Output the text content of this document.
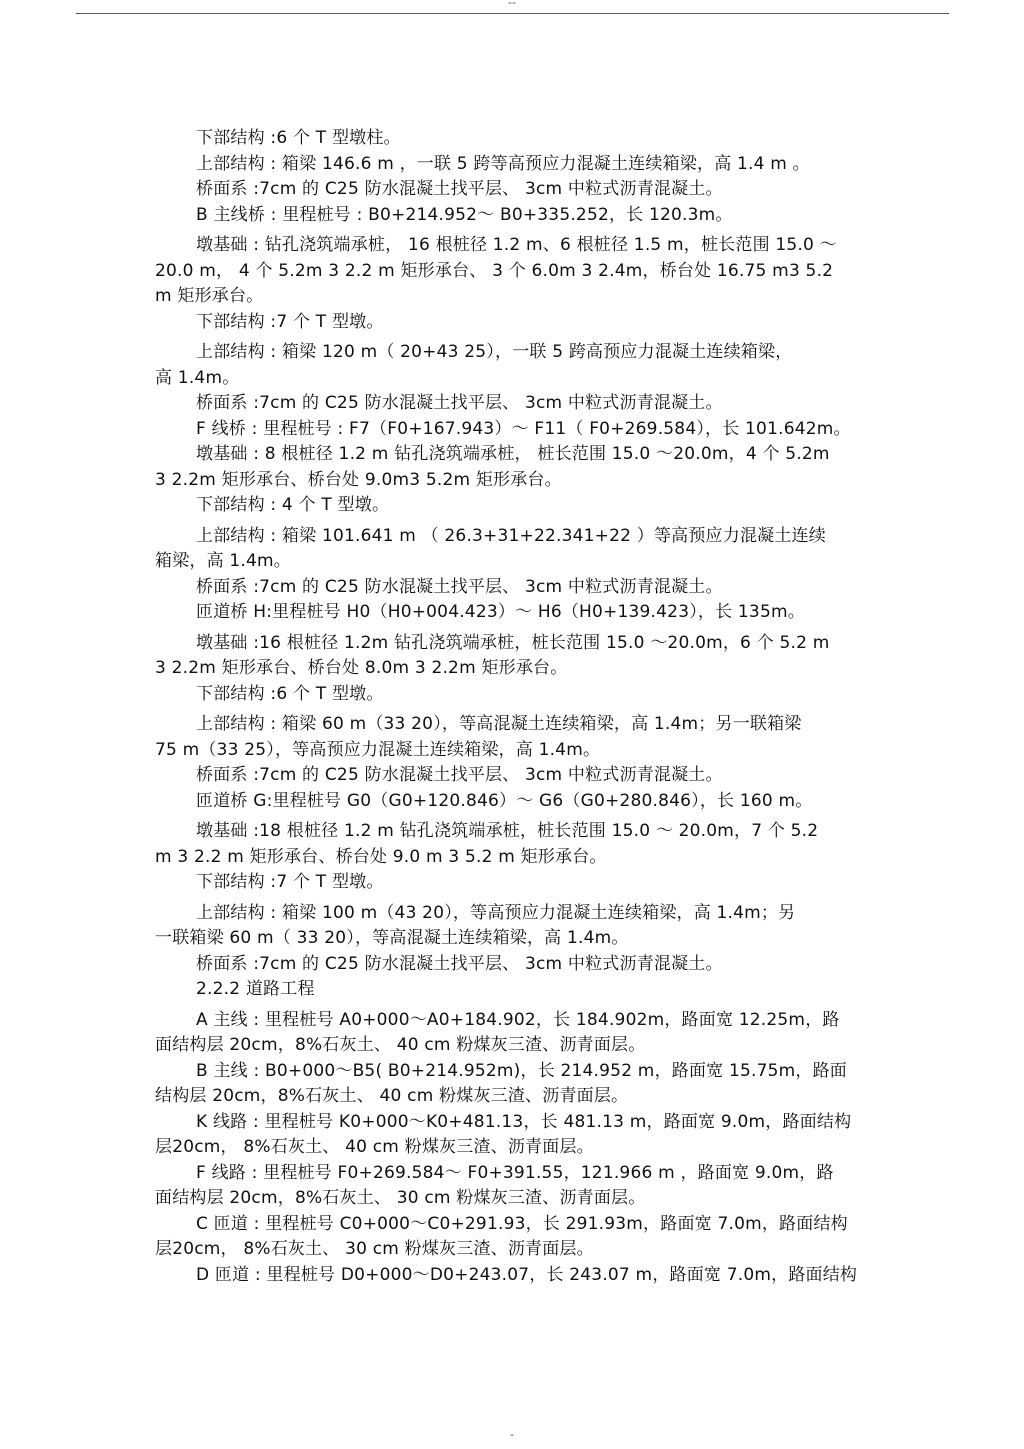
--
下部结构 :6 个 T 型墩柱。
上部结构 : 箱梁 146.6 m ，一联 5 跨等高预应力混凝土连续箱梁，高 1.4 m 。
桥面系 :7cm 的 C25 防水混凝土找平层、 3cm 中粒式沥青混凝土。
B 主线桥 : 里程桩号 : B0+214.952～ B0+335.252，长 120.3m。
墩基础 : 钻孔浇筑端承桩， 16 根桩径 1.2 m、6 根桩径 1.5 m，桩长范围 15.0 ～
20.0 m， 4 个 5.2m 3 2.2 m 矩形承台、 3 个 6.0m 3 2.4m，桥台处 16.75 m3 5.2
m 矩形承台。
下部结构 :7 个 T 型墩。
上部结构 : 箱梁 120 m（ 20+43 25），一联 5 跨高预应力混凝土连续箱梁，
高 1.4m。
桥面系 :7cm 的 C25 防水混凝土找平层、 3cm 中粒式沥青混凝土。
F 线桥 : 里程桩号 : F7（F0+167.943）～ F11（ F0+269.584），长 101.642m。
墩基础 : 8 根桩径 1.2 m 钻孔浇筑端承桩， 桩长范围 15.0 ～20.0m，4 个 5.2m
3 2.2m 矩形承台、桥台处 9.0m3 5.2m 矩形承台。
下部结构 : 4 个 T 型墩。
上部结构 : 箱梁 101.641 m （ 26.3+31+22.341+22 ）等高预应力混凝土连续
箱梁，高 1.4m。
桥面系 :7cm 的 C25 防水混凝土找平层、 3cm 中粒式沥青混凝土。
匝道桥 H:里程桩号 H0（H0+004.423）～ H6（H0+139.423），长 135m。
墩基础 :16 根桩径 1.2m 钻孔浇筑端承桩，桩长范围 15.0 ～20.0m，6 个 5.2 m
3 2.2m 矩形承台、桥台处 8.0m 3 2.2m 矩形承台。
下部结构 :6 个 T 型墩。
上部结构 : 箱梁 60 m（33 20），等高混凝土连续箱梁，高 1.4m；另一联箱梁
75 m（33 25），等高预应力混凝土连续箱梁，高 1.4m。
桥面系 :7cm 的 C25 防水混凝土找平层、 3cm 中粒式沥青混凝土。
匝道桥 G:里程桩号 G0（G0+120.846）～ G6（G0+280.846），长 160 m。
墩基础 :18 根桩径 1.2 m 钻孔浇筑端承桩，桩长范围 15.0 ～ 20.0m，7 个 5.2
m 3 2.2 m 矩形承台、桥台处 9.0 m 3 5.2 m 矩形承台。
下部结构 :7 个 T 型墩。
上部结构 : 箱梁 100 m（43 20），等高预应力混凝土连续箱梁，高 1.4m；另
一联箱梁 60 m（ 33 20），等高混凝土连续箱梁，高 1.4m。
桥面系 :7cm 的 C25 防水混凝土找平层、 3cm 中粒式沥青混凝土。
2.2.2 道路工程
A 主线 : 里程桩号 A0+000～A0+184.902，长 184.902m，路面宽 12.25m，路
面结构层 20cm，8%石灰土、 40 cm 粉煤灰三渣、沥青面层。
B 主线 : B0+000～B5( B0+214.952m)，长 214.952 m，路面宽 15.75m，路面
结构层 20cm，8%石灰土、 40 cm 粉煤灰三渣、沥青面层。
K 线路 : 里程桩号 K0+000～K0+481.13，长 481.13 m，路面宽 9.0m，路面结构
层20cm， 8%石灰土、 40 cm 粉煤灰三渣、沥青面层。
F 线路 : 里程桩号 F0+269.584～ F0+391.55，121.966 m ，路面宽 9.0m，路
面结构层 20cm，8%石灰土、 30 cm 粉煤灰三渣、沥青面层。
C 匝道 : 里程桩号 C0+000～C0+291.93，长 291.93m，路面宽 7.0m，路面结构
层20cm， 8%石灰土、 30 cm 粉煤灰三渣、沥青面层。
D 匝道 : 里程桩号 D0+000～D0+243.07，长 243.07 m，路面宽 7.0m，路面结构
-
